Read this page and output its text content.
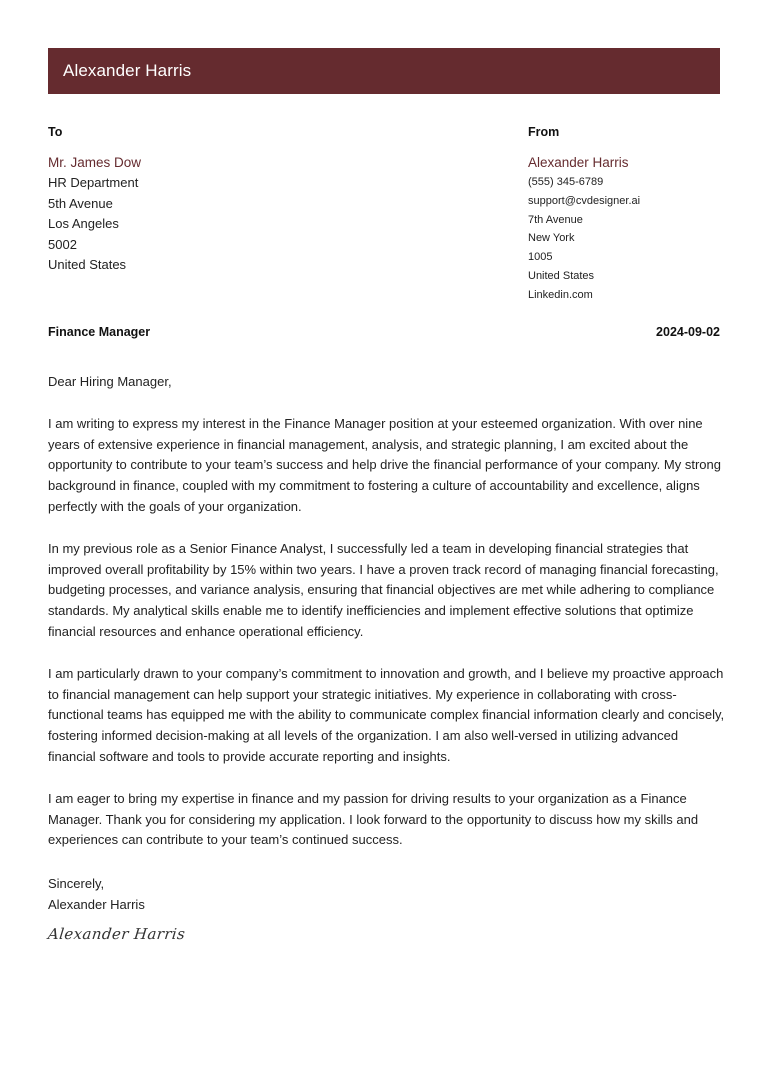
Alexander Harris
To
Mr. James Dow
HR Department
5th Avenue
Los Angeles
5002
United States
From
Alexander Harris
(555) 345-6789
support@cvdesigner.ai
7th Avenue
New York
1005
United States
Linkedin.com
Finance Manager	2024-09-02

Dear Hiring Manager,

I am writing to express my interest in the Finance Manager position at your esteemed organization. With over nine years of extensive experience in financial management, analysis, and strategic planning, I am excited about the opportunity to contribute to your team’s success and help drive the financial performance of your company. My strong background in finance, coupled with my commitment to fostering a culture of accountability and excellence, aligns perfectly with the goals of your organization.

In my previous role as a Senior Finance Analyst, I successfully led a team in developing financial strategies that improved overall profitability by 15% within two years. I have a proven track record of managing financial forecasting, budgeting processes, and variance analysis, ensuring that financial objectives are met while adhering to compliance standards. My analytical skills enable me to identify inefficiencies and implement effective solutions that optimize financial resources and enhance operational efficiency.

I am particularly drawn to your company’s commitment to innovation and growth, and I believe my proactive approach to financial management can help support your strategic initiatives. My experience in collaborating with cross-functional teams has equipped me with the ability to communicate complex financial information clearly and concisely, fostering informed decision-making at all levels of the organization. I am also well-versed in utilizing advanced financial software and tools to provide accurate reporting and insights.

I am eager to bring my expertise in finance and my passion for driving results to your organization as a Finance Manager. Thank you for considering my application. I look forward to the opportunity to discuss how my skills and experiences can contribute to your team’s continued success.

Sincerely,
Alexander Harris
Alexander Harris
